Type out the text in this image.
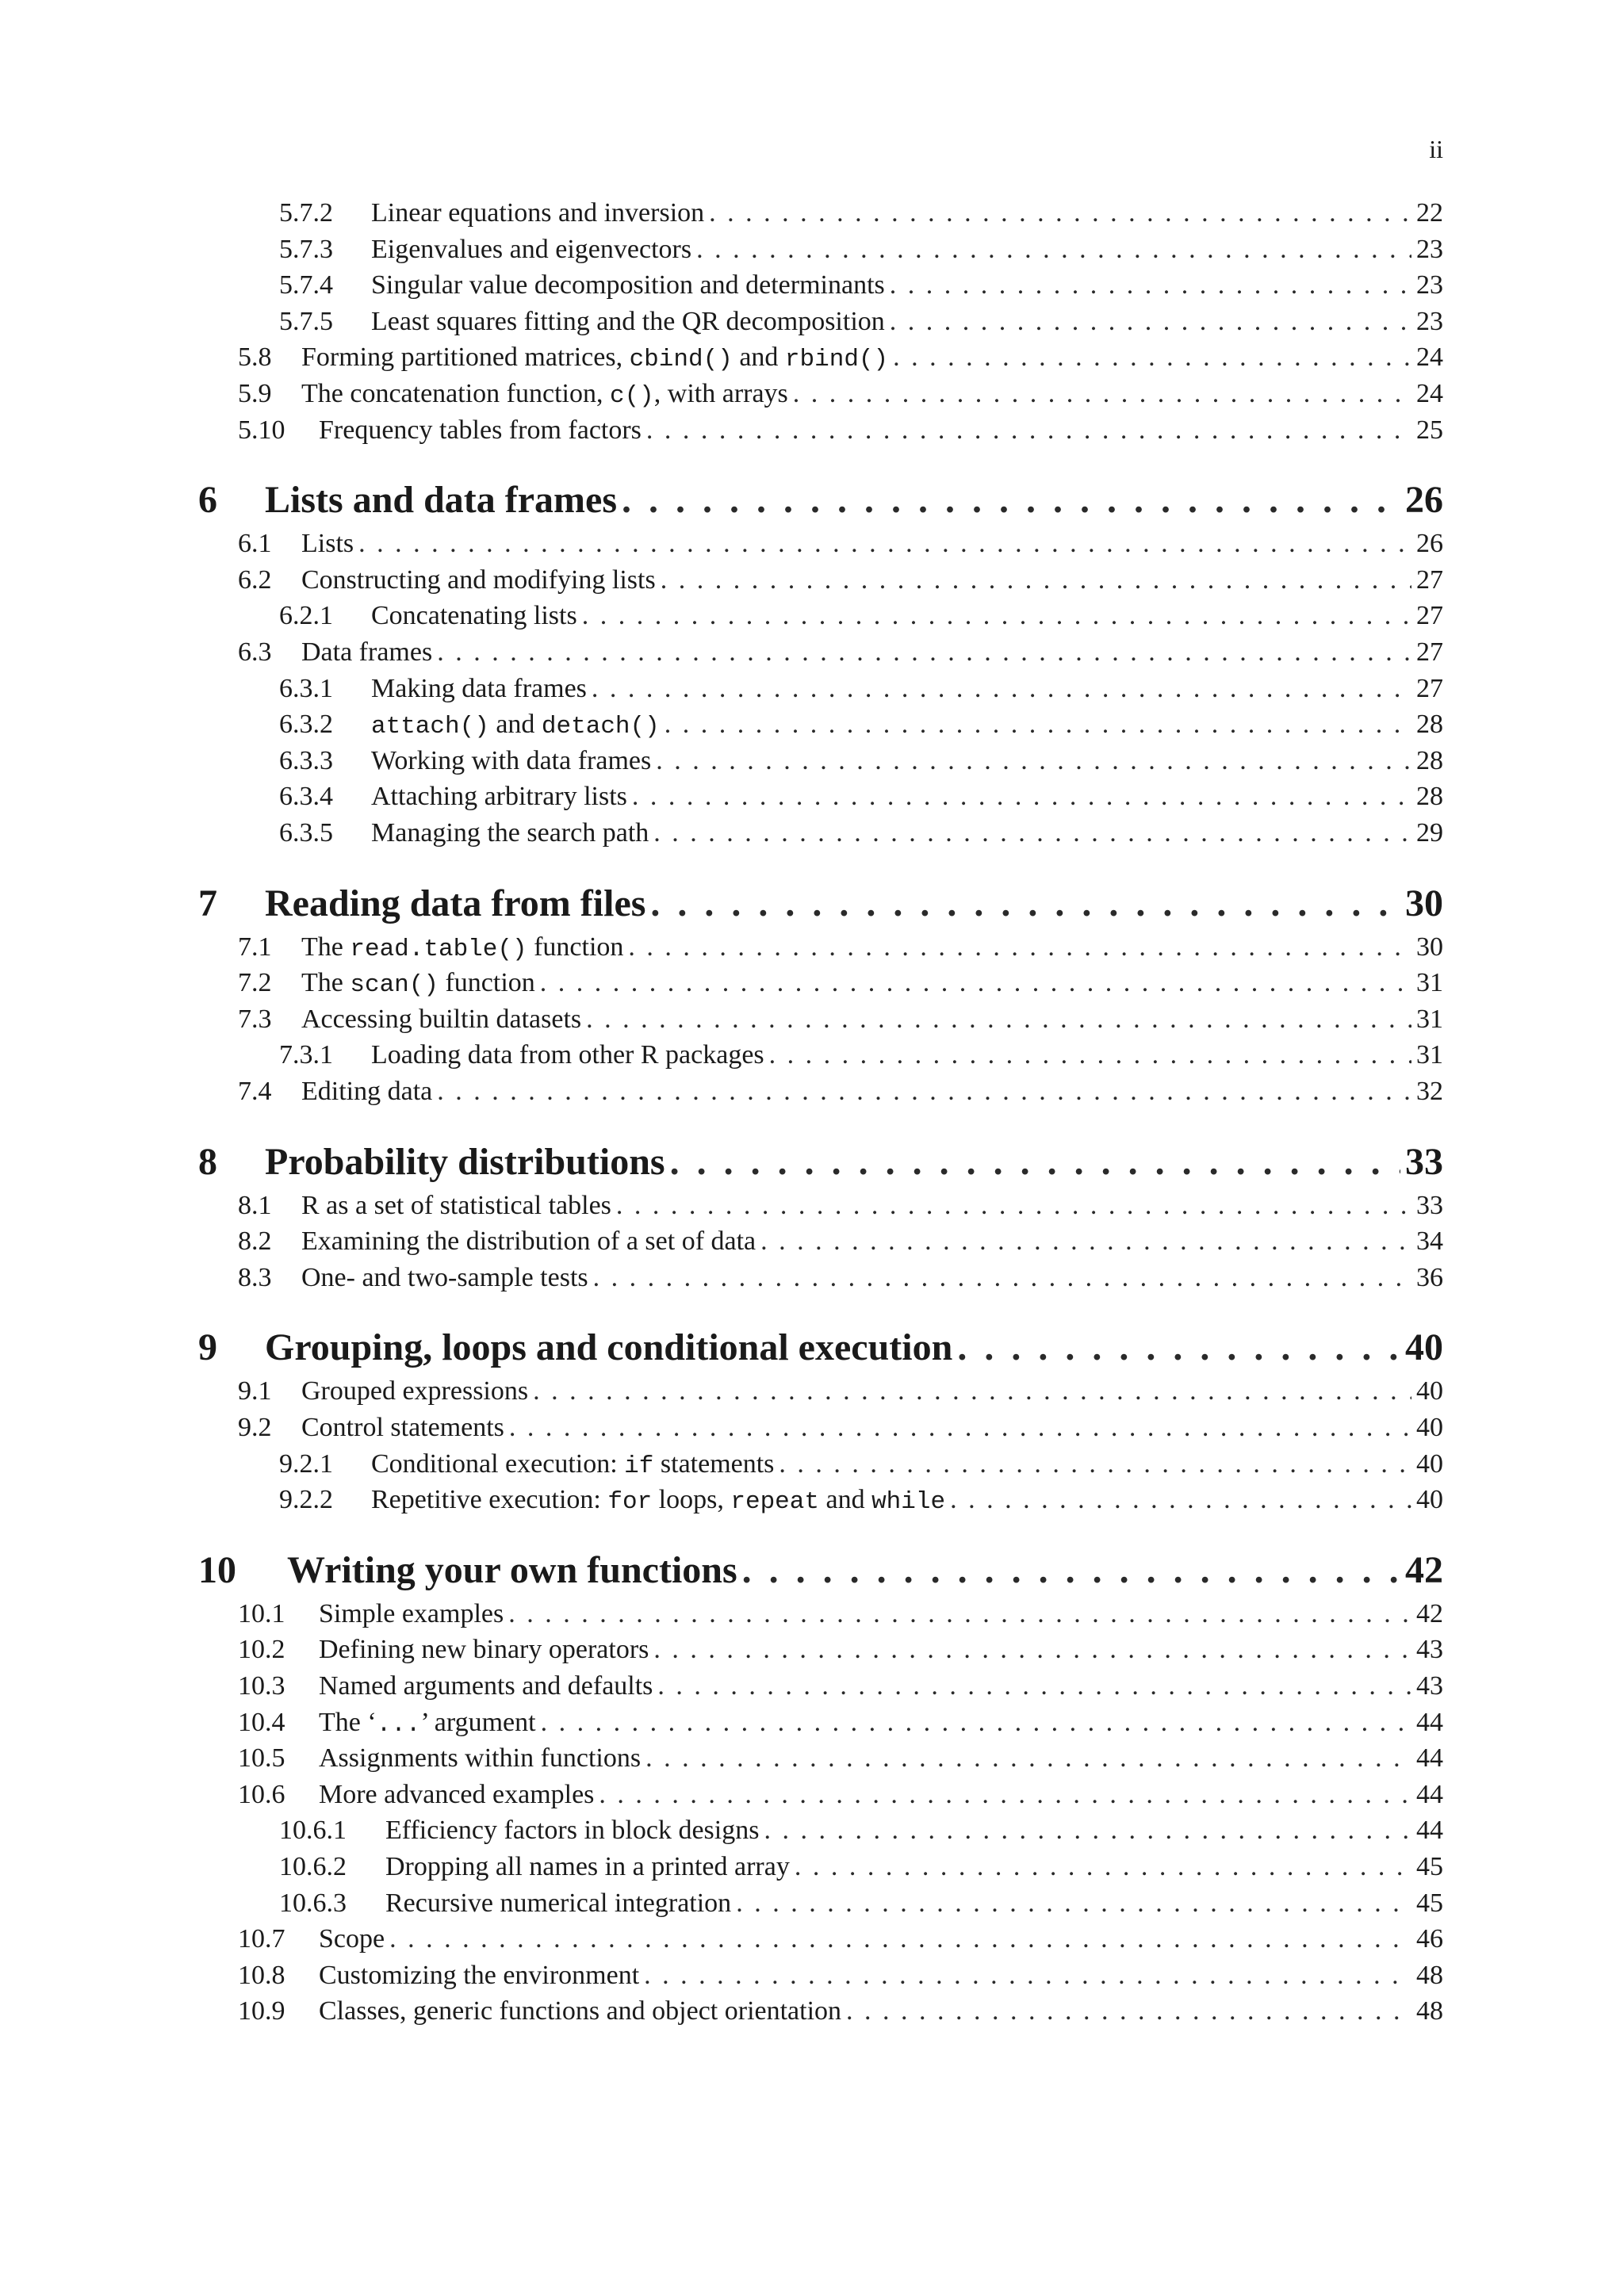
ii
5.7.2	Linear equations and inversion . . .	22
5.7.3	Eigenvalues and eigenvectors . . .	23
5.7.4	Singular value decomposition and determinants . . .	23
5.7.5	Least squares fitting and the QR decomposition . . .	23
5.8	Forming partitioned matrices, cbind() and rbind() . . .	24
5.9	The concatenation function, c(), with arrays . . .	24
5.10	Frequency tables from factors . . .	25
6	Lists and data frames . . .	26
6.1	Lists . . .	26
6.2	Constructing and modifying lists . . .	27
6.2.1	Concatenating lists . . .	27
6.3	Data frames . . .	27
6.3.1	Making data frames . . .	27
6.3.2	attach() and detach() . . .	28
6.3.3	Working with data frames . . .	28
6.3.4	Attaching arbitrary lists . . .	28
6.3.5	Managing the search path . . .	29
7	Reading data from files . . .	30
7.1	The read.table() function . . .	30
7.2	The scan() function . . .	31
7.3	Accessing builtin datasets . . .	31
7.3.1	Loading data from other R packages . . .	31
7.4	Editing data . . .	32
8	Probability distributions . . .	33
8.1	R as a set of statistical tables . . .	33
8.2	Examining the distribution of a set of data . . .	34
8.3	One- and two-sample tests . . .	36
9	Grouping, loops and conditional execution . . .	40
9.1	Grouped expressions . . .	40
9.2	Control statements . . .	40
9.2.1	Conditional execution: if statements . . .	40
9.2.2	Repetitive execution: for loops, repeat and while . . .	40
10	Writing your own functions . . .	42
10.1	Simple examples . . .	42
10.2	Defining new binary operators . . .	43
10.3	Named arguments and defaults . . .	43
10.4	The ‘...’ argument . . .	44
10.5	Assignments within functions . . .	44
10.6	More advanced examples . . .	44
10.6.1	Efficiency factors in block designs . . .	44
10.6.2	Dropping all names in a printed array . . .	45
10.6.3	Recursive numerical integration . . .	45
10.7	Scope . . .	46
10.8	Customizing the environment . . .	48
10.9	Classes, generic functions and object orientation . . .	48
